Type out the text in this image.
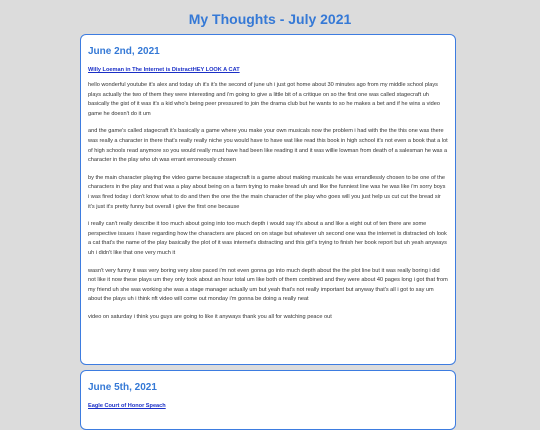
My Thoughts - July 2021
June 2nd, 2021
Willy Loeman in The Internet is DistractHEY LOOK A CAT

hello wonderful youtube it's alex and today uh it's it's the second of june uh i just got home about 30 minutes ago from my middle school plays plays actually the two of them they were interesting and i'm going to give a little bit of a critique on so the first one was called stagecraft uh basically the gist of it was it's a kid who's being peer pressured to join the drama club but he wants to so he makes a bet and if he wins a video game he doesn't do it um

and the game's called stagecraft it's basically a game where you make your own musicals now the problem i had with the the this one was there was really a character in there that's really really niche you would have to have wat like read this book in high school it's not even a book that a lot of high schools read anymore so you would really must have had been like reading it and it was willie lowman from death of a salesman he was a character in the play who uh was errant erroneously chosen

by the main character playing the video game because stagecraft is a game about making musicals he was errandlessly chosen to be one of the characters in the play and that was a play about being on a farm trying to make bread uh and like the funniest line was he was like i'm sorry boys i was fired today i don't know what to do and then the one the the main character of the play who goes will you just help us cut cut the bread sir it's just it's pretty funny but overall i give the first one because

i really can't really describe it too much about going into too much depth i would say it's about a and like a eight out of ten there are some perspective issues i have regarding how the characters are placed on on stage but whatever uh second one was the internet is distracted oh look a cat that's the name of the play basically the plot of it was internet's distracting and this girl's trying to finish her book report but uh yeah anyways uh i didn't like that one very much it

wasn't very funny it was very boring very slow paced i'm not even gonna go into much depth about the the plot line but it was really boring i did not like it now these plays um they only took about an hour total um like both of them combined and they were about 40 pages long i got that from my friend uh she was working she was a stage manager actually um but yeah that's not really important but anyway that's all i got to say um about the plays uh i think nft video will come out monday i'm gonna be doing a really neat

video on saturday i think you guys are going to like it anyways thank you all for watching peace out

June 5th, 2021
Eagle Court of Honor Speach
